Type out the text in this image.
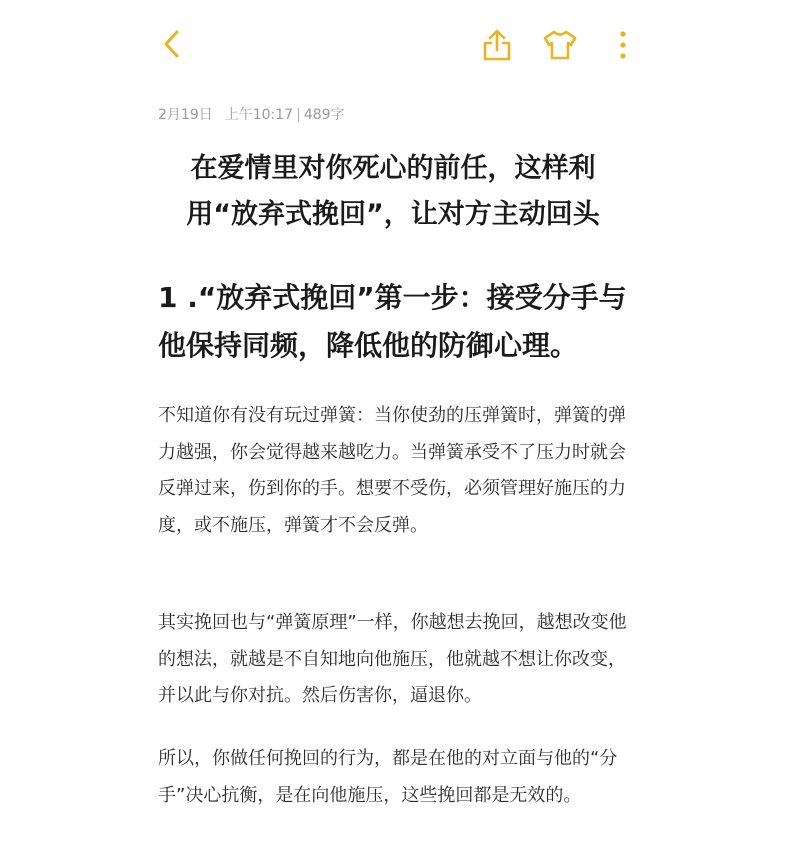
2月19日 上午10:17 | 489字
在爱情里对你死心的前任，这样利用“放弃式挽回”，让对方主动回头
1 .“放弃式挽回”第一步：接受分手与他保持同频，降低他的防御心理。

不知道你有没有玩过弹簧：当你使劲的压弹簧时，弹簧的弹力越强，你会觉得越来越吃力。当弹簧承受不了压力时就会反弹过来，伤到你的手。想要不受伤，必须管理好施压的力度，或不施压，弹簧才不会反弹。

其实挽回也与“弹簧原理”一样，你越想去挽回，越想改变他的想法，就越是不自知地向他施压，他就越不想让你改变，并以此与你对抗。然后伤害你，逼退你。

所以，你做任何挽回的行为，都是在他的对立面与他的“分手”决心抗衡，是在向他施压，这些挽回都是无效的。
